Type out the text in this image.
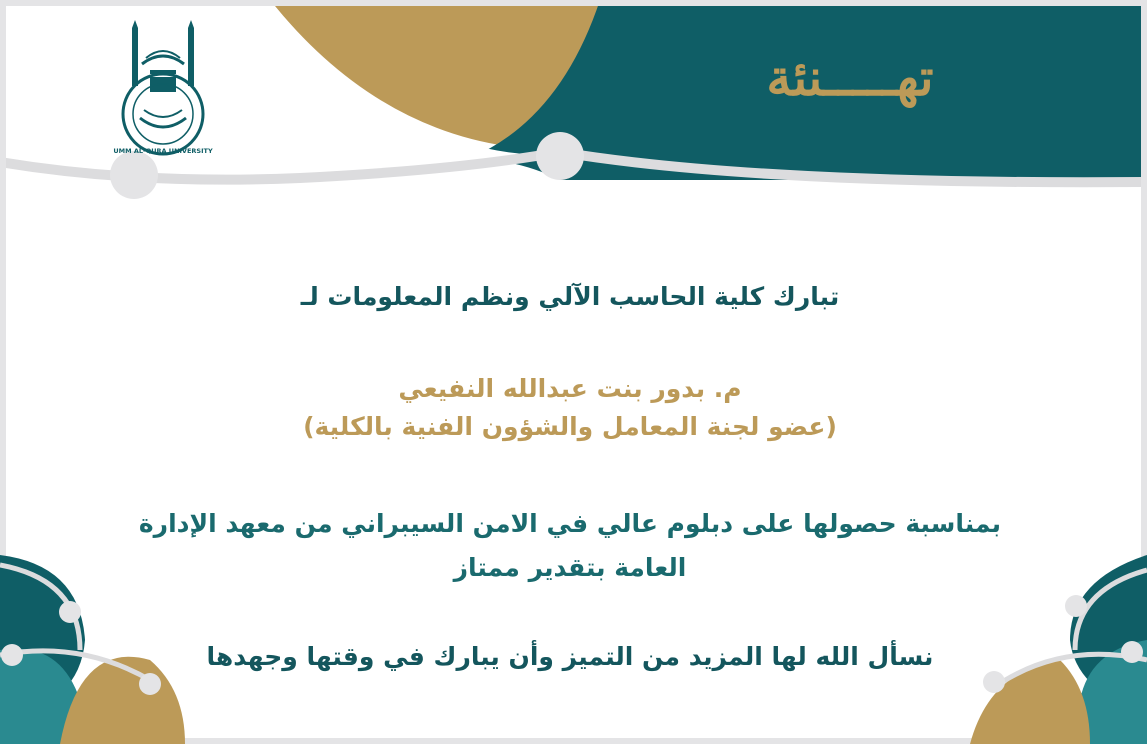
UMM AL-QURA UNIVERSITY
تهـــــنئة

تبارك كلية الحاسب الآلي ونظم المعلومات لـ

م. بدور بنت عبدالله النفيعي

(عضو لجنة المعامل والشؤون الفنية بالكلية)

بمناسبة حصولها على دبلوم عالي في الامن السيبراني من معهد الإدارة

العامة بتقدير ممتاز

نسأل الله لها المزيد من التميز وأن يبارك في وقتها وجهدها
